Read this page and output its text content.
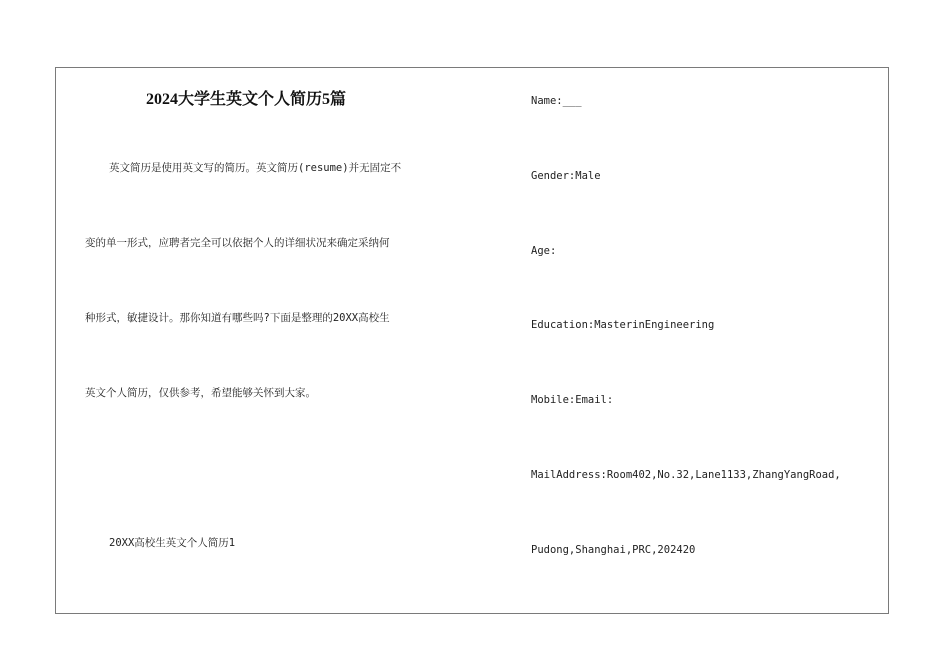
2024大学生英文个人简历5篇
英文简历是使用英文写的简历。英文简历(resume)并无固定不
变的单一形式，应聘者完全可以依据个人的详细状况来确定采纳何
种形式，敏捷设计。那你知道有哪些吗?下面是整理的20XX高校生
英文个人简历，仅供参考，希望能够关怀到大家。
20XX高校生英文个人简历1
Name:___
Gender:Male
Age:
Education:MasterinEngineering
Mobile:Email:
MailAddress:Room402,No.32,Lane1133,ZhangYangRoad,
Pudong,Shanghai,PRC,202420
